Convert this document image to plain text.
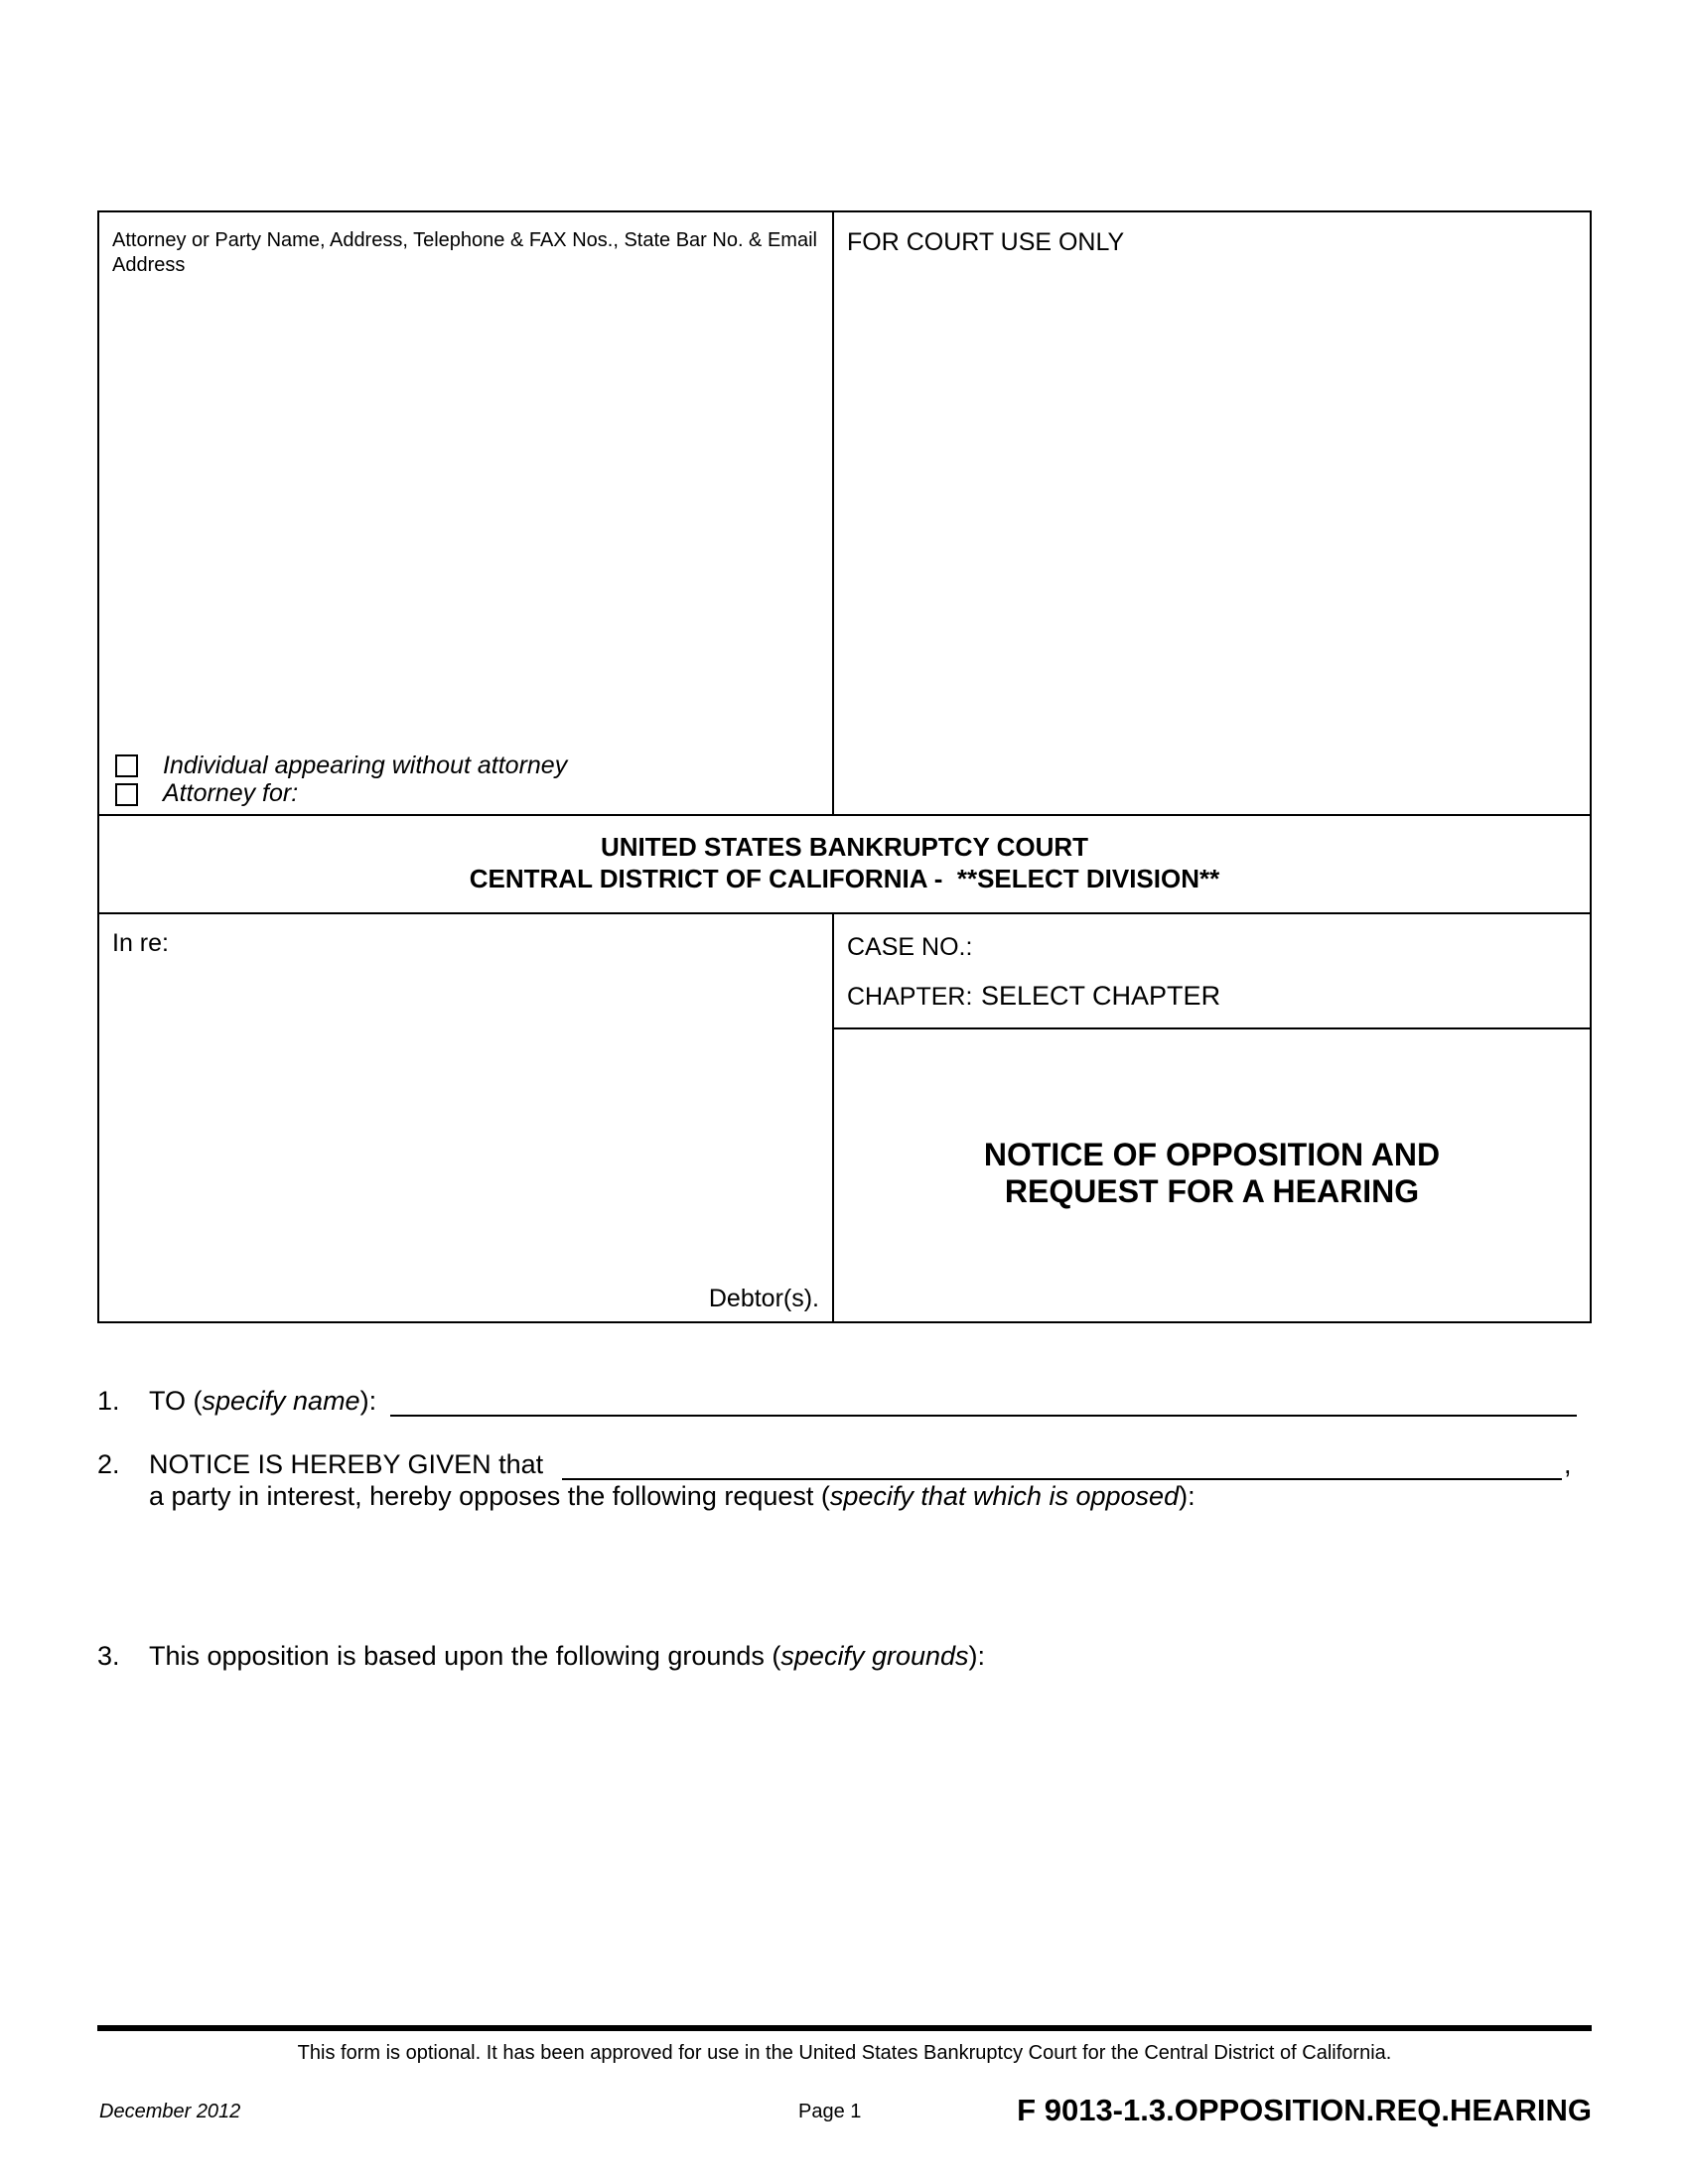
Attorney or Party Name, Address, Telephone & FAX Nos., State Bar No. & Email Address
FOR COURT USE ONLY
Individual appearing without attorney
Attorney for:
UNITED STATES BANKRUPTCY COURT
CENTRAL DISTRICT OF CALIFORNIA -  **SELECT DIVISION**
In re:
Debtor(s).
CASE NO.:
CHAPTER: SELECT CHAPTER
NOTICE OF OPPOSITION AND
REQUEST FOR A HEARING
1. TO (specify name):
2. NOTICE IS HEREBY GIVEN that	,
a party in interest, hereby opposes the following request (specify that which is opposed):
3. This opposition is based upon the following grounds (specify grounds):
This form is optional. It has been approved for use in the United States Bankruptcy Court for the Central District of California.
December 2012	Page 1	F 9013-1.3.OPPOSITION.REQ.HEARING
